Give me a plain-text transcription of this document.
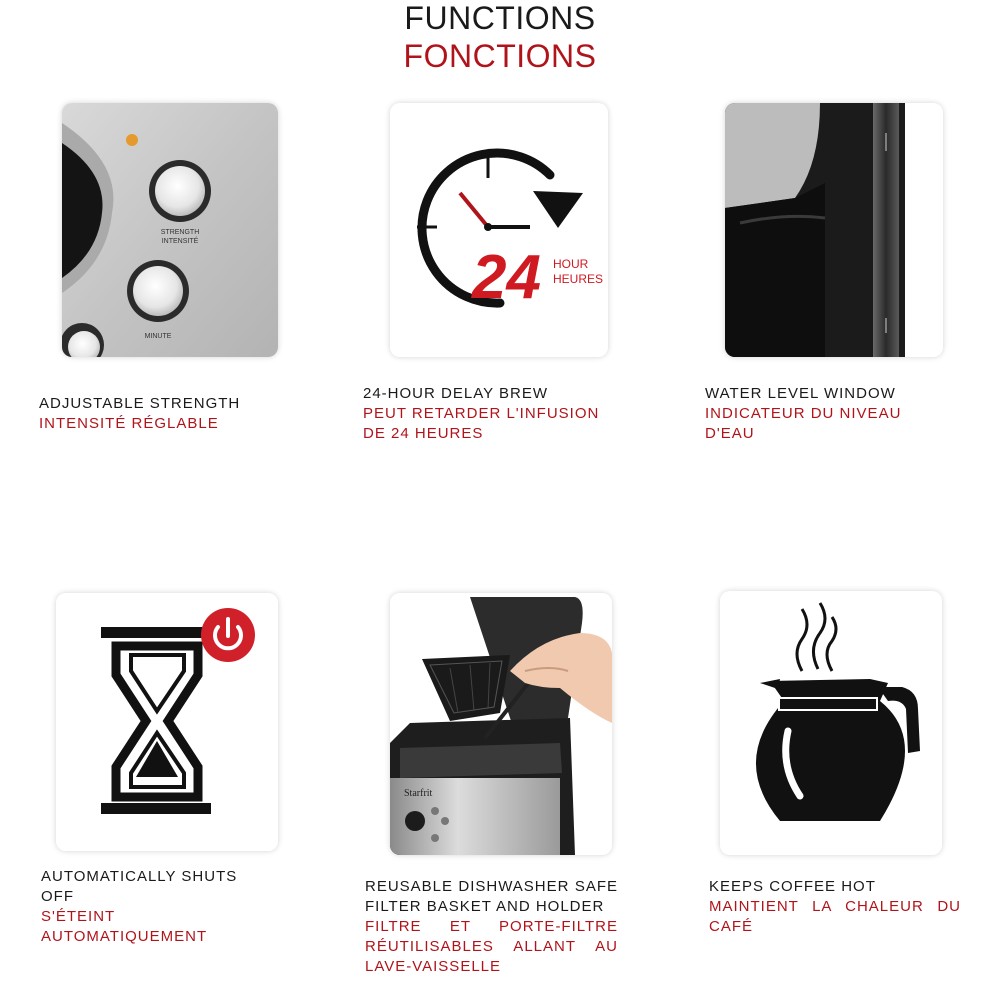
FUNCTIONS
FONCTIONS
STRENGTH
INTENSITÉ
MINUTE
24 HOUR
HEURES
Starfrit
ADJUSTABLE STRENGTH
INTENSITÉ RÉGLABLE
24-HOUR DELAY BREW
PEUT RETARDER L'INFUSION DE 24 HEURES
WATER LEVEL WINDOW
INDICATEUR DU NIVEAU D'EAU
AUTOMATICALLY SHUTS OFF
S'ÉTEINT AUTOMATIQUEMENT
REUSABLE DISHWASHER SAFE FILTER BASKET AND HOLDER
FILTRE ET PORTE-FILTRE RÉUTILISABLES ALLANT AU LAVE-VAISSELLE
KEEPS COFFEE HOT
MAINTIENT LA CHALEUR DU CAFÉ
